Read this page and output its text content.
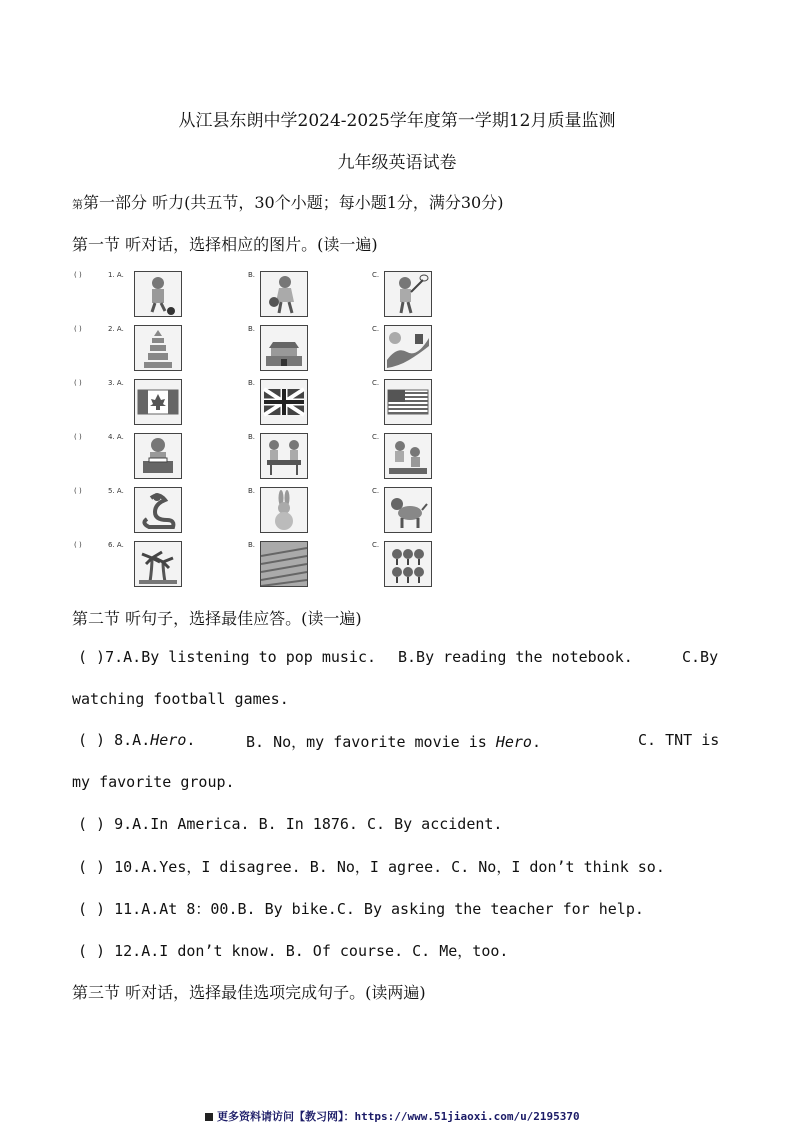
从江县东朗中学2024-2025学年度第一学期12月质量监测
九年级英语试卷
第第一部分 听力(共五节，30个小题；每小题1分，满分30分)
第一节 听对话，选择相应的图片。(读一遍)
( )	1. A.	B.	C.
( )	2. A.	B.	C.
( )	3. A.	B.	C.
( )	4. A.	B.	C.
( )	5. A.	B.	C.
( )	6. A.	B.	C.
第二节 听句子，选择最佳应答。(读一遍)
( )7.A.By listening to pop music. B.By reading the notebook.	C.By
watching football games.
( ) 8.A.Hero.	B. No，my favorite movie is Hero.	C. TNT is
my favorite group.
( ) 9.A.In America. B. In 1876. C. By accident.
( ) 10.A.Yes，I disagree. B. No，I agree. C. No，I don’t think so.
( ) 11.A.At 8：00.B. By bike.C. By asking the teacher for help.
( ) 12.A.I don’t know. B. Of course. C. Me，too.
第三节 听对话，选择最佳选项完成句子。(读两遍)
更多资料请访问【教习网】：https://www.51jiaoxi.com/u/2195370
